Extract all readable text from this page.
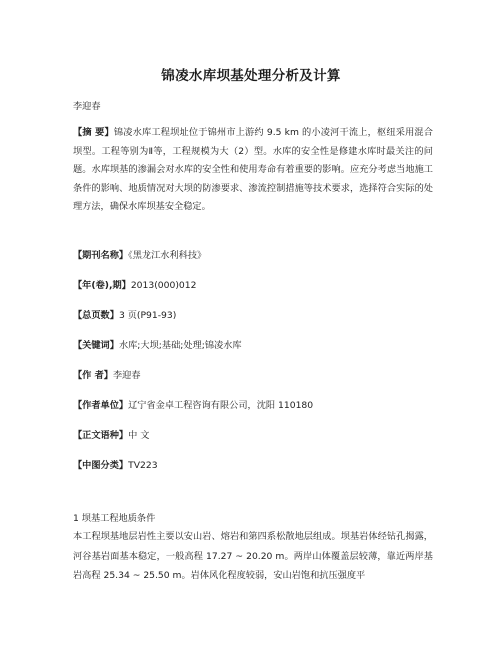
锦凌水库坝基处理分析及计算
李迎春

【摘 要】锦凌水库工程坝址位于锦州市上游约 9.5 km 的小凌河干流上，枢纽采用混合坝型。工程等别为Ⅱ等，工程规模为大（2）型。水库的安全性是修建水库时最关注的问题。水库坝基的渗漏会对水库的安全性和使用寿命有着重要的影响。应充分考虑当地施工条件的影响、地质情况对大坝的防渗要求、渗流控制措施等技术要求，选择符合实际的处理方法，确保水库坝基安全稳定。

【期刊名称】《黑龙江水利科技》
【年(卷),期】2013(000)012
【总页数】3 页(P91-93)
【关键词】水库;大坝;基础;处理;锦凌水库
【作 者】李迎春
【作者单位】辽宁省金卓工程咨询有限公司，沈阳 110180
【正文语种】中 文
【中图分类】TV223
1 坝基工程地质条件

本工程坝基地层岩性主要以安山岩、熔岩和第四系松散地层组成。坝基岩体经钻孔揭露，河谷基岩面基本稳定，一般高程 17.27 ~ 20.20 m。两岸山体覆盖层较薄，靠近两岸基岩高程 25.34 ~ 25.50 m。岩体风化程度较弱，安山岩饱和抗压强度平
